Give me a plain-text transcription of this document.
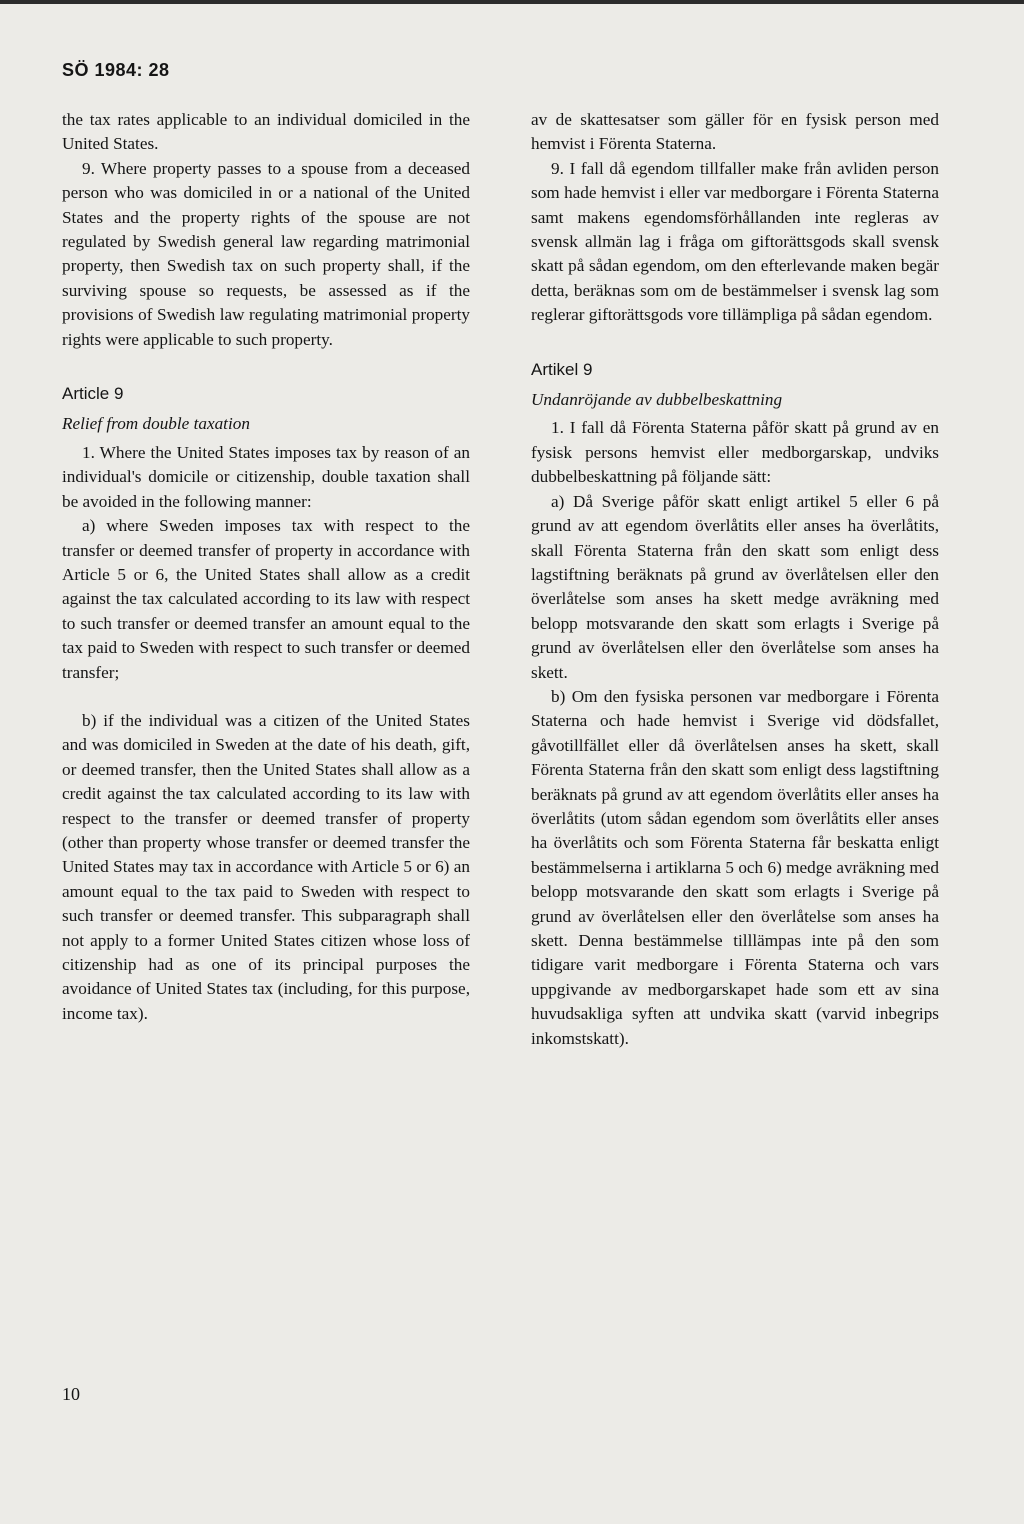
SÖ 1984: 28

the tax rates applicable to an individual domiciled in the United States.

9. Where property passes to a spouse from a deceased person who was domiciled in or a national of the United States and the property rights of the spouse are not regulated by Swedish general law regarding matrimonial property, then Swedish tax on such property shall, if the surviving spouse so requests, be assessed as if the provisions of Swedish law regulating matrimonial property rights were applicable to such property.

Article 9
Relief from double taxation

1. Where the United States imposes tax by reason of an individual's domicile or citizenship, double taxation shall be avoided in the following manner:

a) where Sweden imposes tax with respect to the transfer or deemed transfer of property in accordance with Article 5 or 6, the United States shall allow as a credit against the tax calculated according to its law with respect to such transfer or deemed transfer an amount equal to the tax paid to Sweden with respect to such transfer or deemed transfer;

b) if the individual was a citizen of the United States and was domiciled in Sweden at the date of his death, gift, or deemed transfer, then the United States shall allow as a credit against the tax calculated according to its law with respect to the transfer or deemed transfer of property (other than property whose transfer or deemed transfer the United States may tax in accordance with Article 5 or 6) an amount equal to the tax paid to Sweden with respect to such transfer or deemed transfer. This subparagraph shall not apply to a former United States citizen whose loss of citizenship had as one of its principal purposes the avoidance of United States tax (including, for this purpose, income tax).

av de skattesatser som gäller för en fysisk person med hemvist i Förenta Staterna.

9. I fall då egendom tillfaller make från avliden person som hade hemvist i eller var medborgare i Förenta Staterna samt makens egendomsförhållanden inte regleras av svensk allmän lag i fråga om giftorättsgods skall svensk skatt på sådan egendom, om den efterlevande maken begär detta, beräknas som om de bestämmelser i svensk lag som reglerar giftorättsgods vore tillämpliga på sådan egendom.

Artikel 9
Undanröjande av dubbelbeskattning

1. I fall då Förenta Staterna påför skatt på grund av en fysisk persons hemvist eller medborgarskap, undviks dubbelbeskattning på följande sätt:

a) Då Sverige påför skatt enligt artikel 5 eller 6 på grund av att egendom överlåtits eller anses ha överlåtits, skall Förenta Staterna från den skatt som enligt dess lagstiftning beräknats på grund av överlåtelsen eller den överlåtelse som anses ha skett medge avräkning med belopp motsvarande den skatt som erlagts i Sverige på grund av överlåtelsen eller den överlåtelse som anses ha skett.

b) Om den fysiska personen var medborgare i Förenta Staterna och hade hemvist i Sverige vid dödsfallet, gåvotillfället eller då överlåtelsen anses ha skett, skall Förenta Staterna från den skatt som enligt dess lagstiftning beräknats på grund av att egendom överlåtits eller anses ha överlåtits (utom sådan egendom som överlåtits eller anses ha överlåtits och som Förenta Staterna får beskatta enligt bestämmelserna i artiklarna 5 och 6) medge avräkning med belopp motsvarande den skatt som erlagts i Sverige på grund av överlåtelsen eller den överlåtelse som anses ha skett. Denna bestämmelse tilllämpas inte på den som tidigare varit medborgare i Förenta Staterna och vars uppgivande av medborgarskapet hade som ett av sina huvudsakliga syften att undvika skatt (varvid inbegrips inkomstskatt).

10
